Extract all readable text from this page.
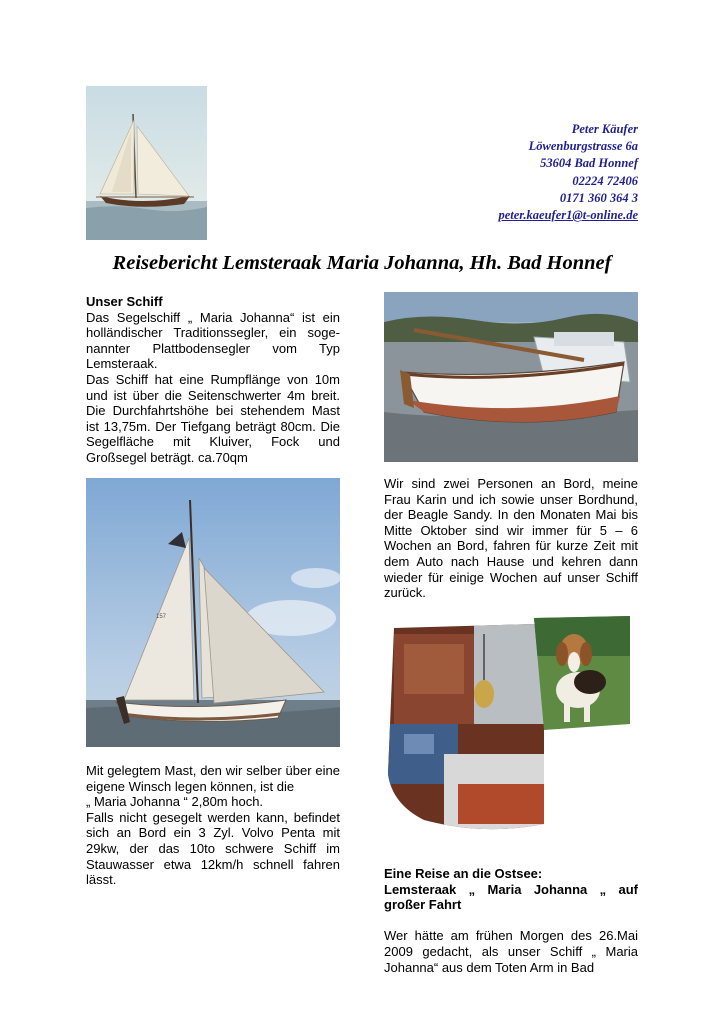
Peter Käufer
Löwenburgstrasse 6a
53604 Bad Honnef
02224 72406
0171 360 364 3
peter.kaeufer1@t-online.de
Reisebericht Lemsteraak Maria Johanna, Hh. Bad Honnef

Unser Schiff

Das Segelschiff „ Maria Johanna“ ist ein holländischer Traditionssegler, ein soge-nannter Plattbodensegler vom Typ Lemsteraak.

Das Schiff hat eine Rumpflänge von 10m und ist über die Seitenschwerter 4m breit. Die Durchfahrtshöhe bei stehendem Mast ist 13,75m. Der Tiefgang beträgt 80cm. Die Segelfläche mit Kluiver, Fock und Großsegel beträgt. ca.70qm

157

Mit gelegtem Mast, den wir selber über eine eigene Winsch legen können, ist die

„ Maria Johanna “ 2,80m hoch.

Falls nicht gesegelt werden kann, befindet sich an Bord ein 3 Zyl. Volvo Penta mit 29kw, der das 10to schwere Schiff im Stauwasser etwa 12km/h schnell fahren lässt.

Wir sind zwei Personen an Bord, meine Frau Karin und ich sowie unser Bordhund, der Beagle Sandy. In den Monaten Mai bis Mitte Oktober sind wir immer für 5 – 6 Wochen an Bord, fahren für kurze Zeit mit dem Auto nach Hause und kehren dann wieder für einige Wochen auf unser Schiff zurück.

Eine Reise an die Ostsee:

Lemsteraak „ Maria Johanna „ auf großer Fahrt

Wer hätte am frühen Morgen des 26.Mai 2009 gedacht, als unser Schiff „ Maria Johanna“ aus dem Toten Arm in Bad
